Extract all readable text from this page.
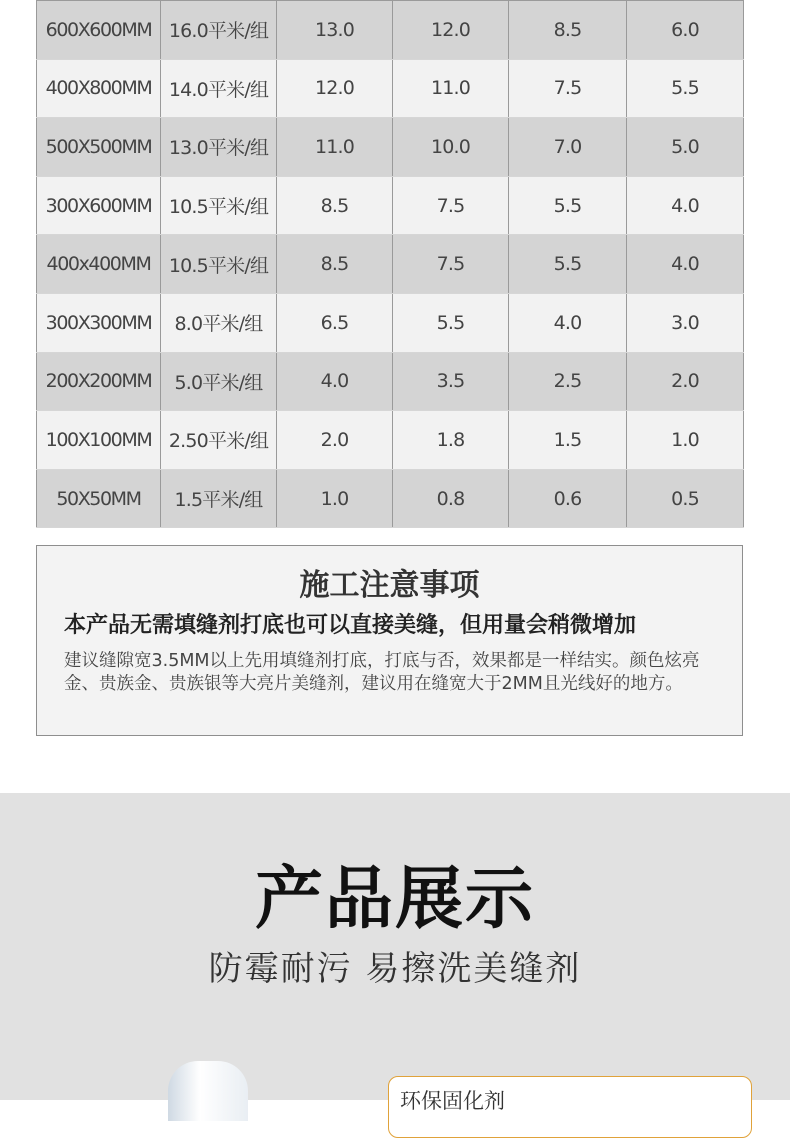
600X600MM	16.0平米/组	13.0	12.0	8.5	6.0
400X800MM	14.0平米/组	12.0	11.0	7.5	5.5
500X500MM	13.0平米/组	11.0	10.0	7.0	5.0
300X600MM	10.5平米/组	8.5	7.5	5.5	4.0
400x400MM	10.5平米/组	8.5	7.5	5.5	4.0
300X300MM	8.0平米/组	6.5	5.5	4.0	3.0
200X200MM	5.0平米/组	4.0	3.5	2.5	2.0
100X100MM	2.50平米/组	2.0	1.8	1.5	1.0
50X50MM	1.5平米/组	1.0	0.8	0.6	0.5
施工注意事项
本产品无需填缝剂打底也可以直接美缝，但用量会稍微增加
建议缝隙宽3.5MM以上先用填缝剂打底，打底与否，效果都是一样结实。颜色炫亮金、贵族金、贵族银等大亮片美缝剂，建议用在缝宽大于2MM且光线好的地方。
产品展示
防霉耐污 易擦洗美缝剂
环保固化剂
